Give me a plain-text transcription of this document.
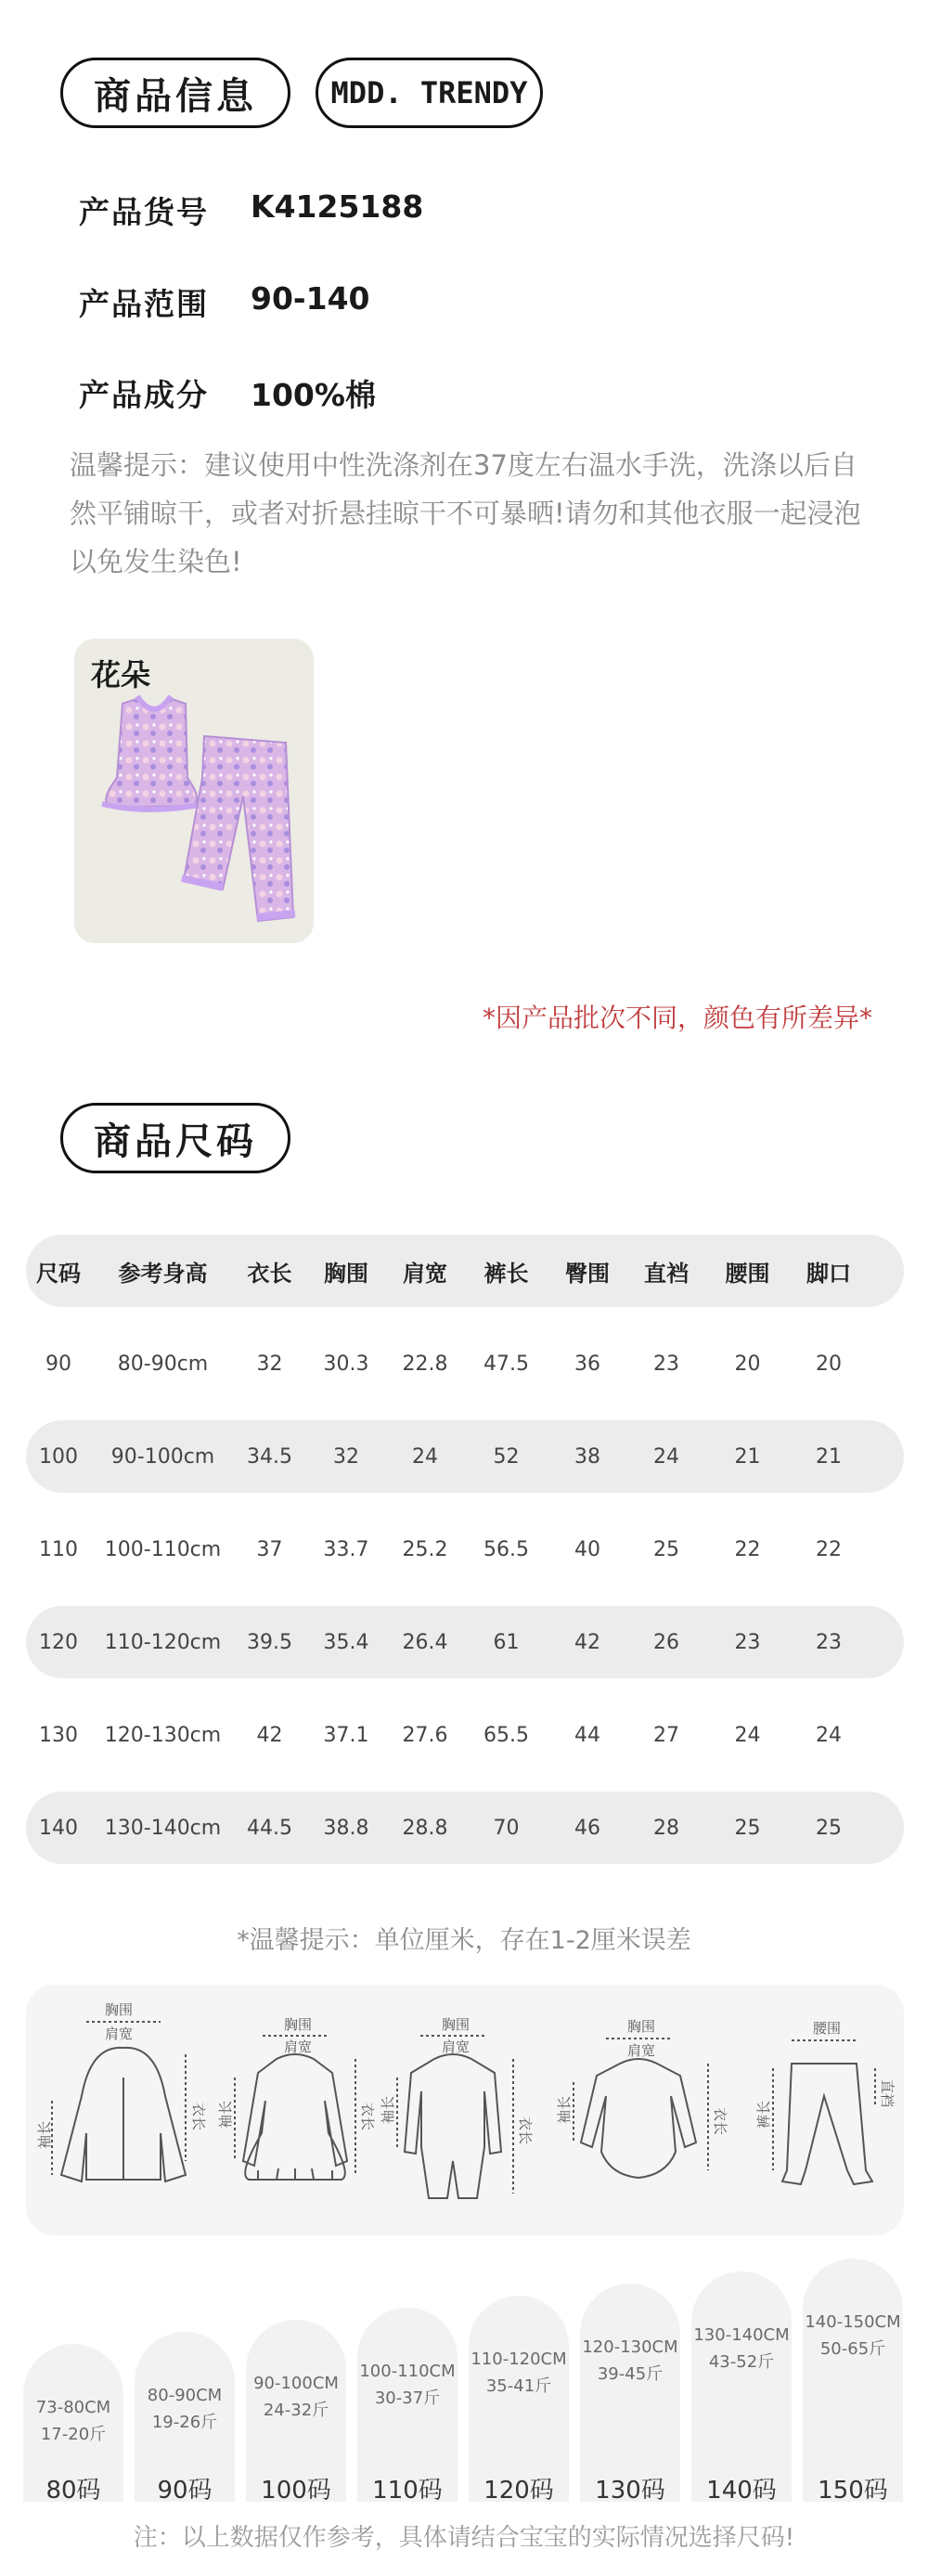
商品信息	MDD. TRENDY
产品货号	K4125188
产品范围	90-140
产品成分	100%棉
温馨提示：建议使用中性洗涤剂在37度左右温水手洗，洗涤以后自然平铺晾干，或者对折悬挂晾干不可暴晒!请勿和其他衣服一起浸泡以免发生染色!
花朵
*因产品批次不同，颜色有所差异*
商品尺码
尺码	参考身高	衣长	胸围	肩宽	裤长	臀围	直裆	腰围	脚口
90	80-90cm	32	30.3	22.8	47.5	36	23	20	20
100	90-100cm	34.5	32	24	52	38	24	21	21
110	100-110cm	37	33.7	25.2	56.5	40	25	22	22
120	110-120cm	39.5	35.4	26.4	61	42	26	23	23
130	120-130cm	42	37.1	27.6	65.5	44	27	24	24
140	130-140cm	44.5	38.8	28.8	70	46	28	25	25
*温馨提示：单位厘米，存在1-2厘米误差
胸围
肩宽
袖长
衣长
胸围
肩宽
袖长	衣长
胸围
肩宽
袖长
衣长
胸围
肩宽
袖长	衣长
腰围
裤长
直裆
73-80CM
17-20斤
80-90CM
19-26斤
90-100CM
24-32斤
100-110CM
30-37斤
110-120CM
35-41斤
120-130CM
39-45斤
130-140CM
43-52斤
140-150CM
50-65斤
80码	90码	100码	110码	120码	130码	140码	150码
注：以上数据仅作参考，具体请结合宝宝的实际情况选择尺码!
